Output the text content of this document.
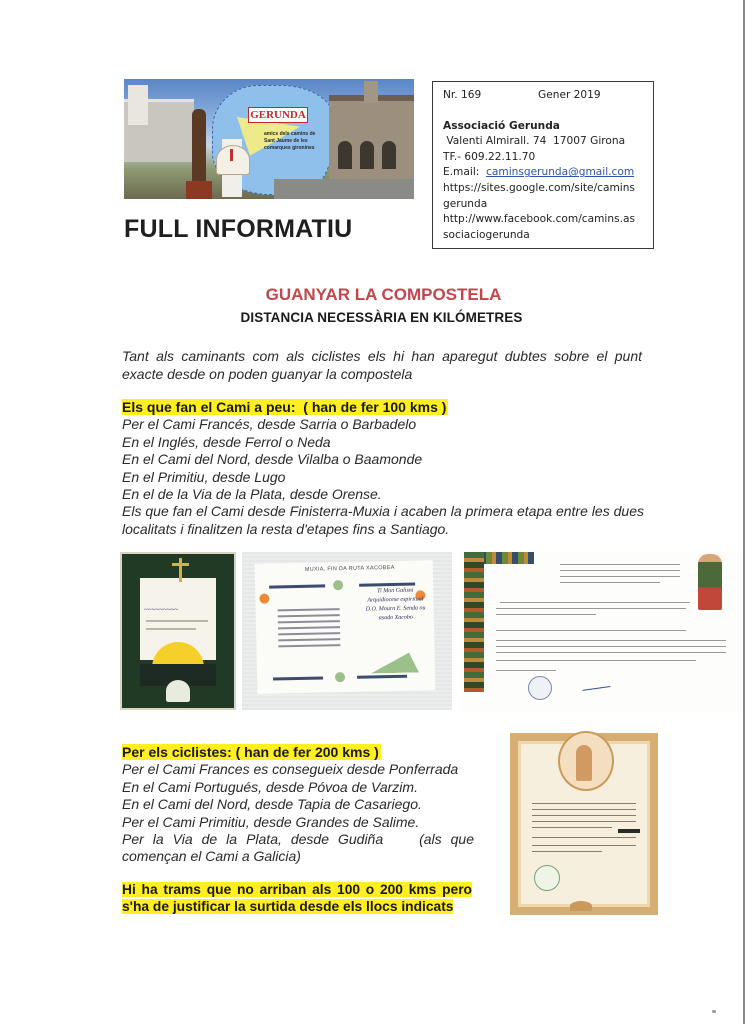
GERUNDA
amics dels camins de Sant Jaume de les comarques gironines
Nr. 169	Gener 2019
Associació Gerunda
Valenti Almirall. 74  17007 Girona
TF.- 609.22.11.70
E.mail:  caminsgerunda@gmail.com
https://sites.google.com/site/camins
gerunda
http://www.facebook.com/camins.as
sociaciogerunda
FULL INFORMATIU
GUANYAR LA COMPOSTELA
DISTANCIA NECESSÀRIA EN KILÓMETRES
Tant als caminants com als ciclistes els hi han aparegut dubtes sobre el punt exacte desde on poden guanyar la compostela
Els que fan el Cami a peu:  ( han de fer 100 kms )
Per el Cami Francés, desde Sarria o Barbadelo
En el Inglés, desde Ferrol o Neda
En el Cami del Nord, desde Vilalba o Baamonde
En el Primitiu, desde Lugo
En el de la Via de la Plata, desde Orense.
Els que fan el Cami desde Finisterra-Muxia i acaben la primera etapa entre les dues localitats i finalitzen la resta d'etapes fins a Santiago.
~~~~~~~~~
MUXIA, FIN DA RUTA XACOBEA
Ti Mon Galisni Arquidiocese espiritual D.O. Mourn E. Senda ou asado Xacobo
Per els ciclistes: ( han de fer 200 kms )
Per el Cami Frances es consegueix desde Ponferrada
En el Cami Portugués, desde Póvoa de Varzim.
En el Cami del Nord, desde Tapia de Casariego.
Per el Cami Primitiu, desde Grandes de Salime.
Per la Via de la Plata, desde Gudiña    (als que començan el Cami a Galicia)
Hi ha trams que no arriban als 100 o 200 kms pero s'ha de justificar la surtida desde els llocs indicats
